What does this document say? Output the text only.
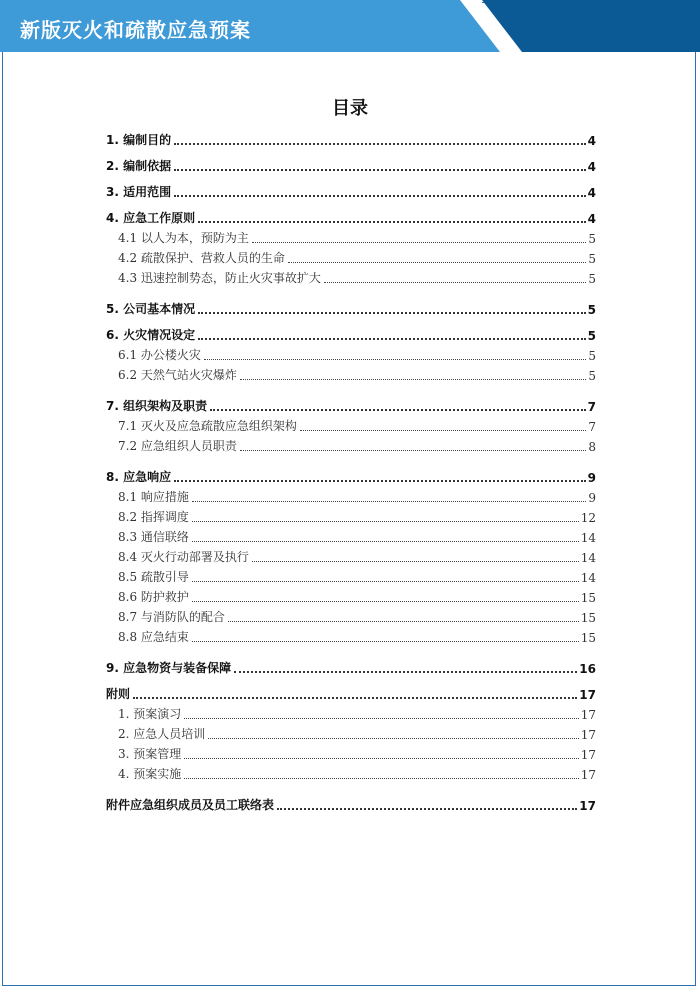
新版灭火和疏散应急预案
目录
1. 编制目的	4
2. 编制依据	4
3. 适用范围	4
4. 应急工作原则	4
4.1 以人为本，预防为主	5
4.2 疏散保护、营救人员的生命	5
4.3 迅速控制势态，防止火灾事故扩大	5
5. 公司基本情况	5
6. 火灾情况设定	5
6.1 办公楼火灾	5
6.2 天然气站火灾爆炸	5
7. 组织架构及职责	7
7.1 灭火及应急疏散应急组织架构	7
7.2 应急组织人员职责	8
8. 应急响应	9
8.1 响应措施	9
8.2 指挥调度	12
8.3 通信联络	14
8.4 灭火行动部署及执行	14
8.5 疏散引导	14
8.6 防护救护	15
8.7 与消防队的配合	15
8.8 应急结束	15
9. 应急物资与装备保障	16
附则	17
1. 预案演习	17
2. 应急人员培训	17
3. 预案管理	17
4. 预案实施	17
附件应急组织成员及员工联络表	17
